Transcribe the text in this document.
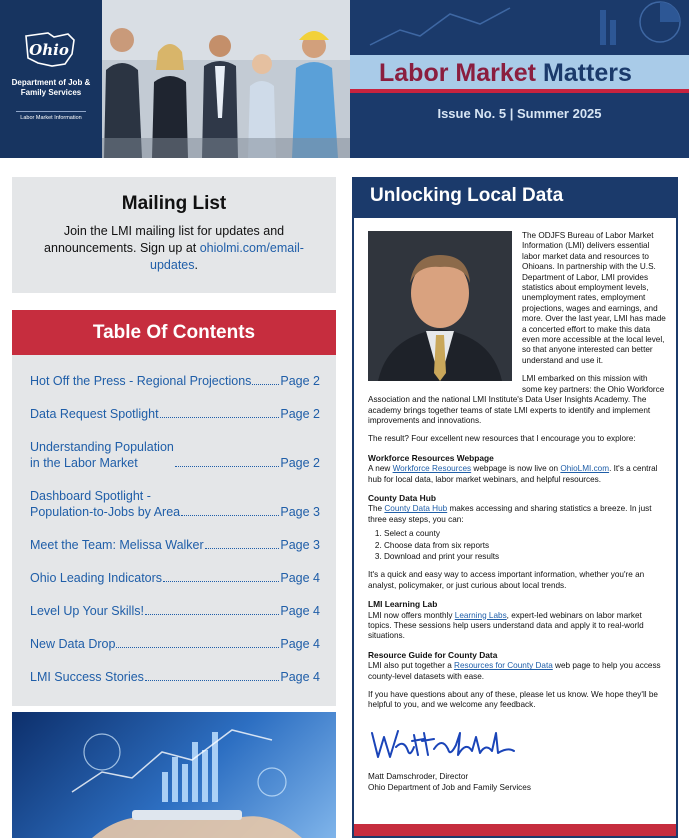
Ohio
Department of Job & Family Services
Labor Market Information
Labor Market Matters
Issue No. 5 | Summer 2025
Mailing List

Join the LMI mailing list for updates and announcements. Sign up at ohiolmi.com/email-updates.

Table Of Contents
Hot Off the Press - Regional Projections Page 2
Data Request Spotlight	Page 2
Understanding Population
in the Labor Market	Page 2
Dashboard Spotlight -
Population-to-Jobs by Area	Page 3
Meet the Team: Melissa Walker	Page 3
Ohio Leading Indicators	Page 4
Level Up Your Skills!	Page 4
New Data Drop	Page 4
LMI Success Stories	Page 4
Unlocking Local Data

The ODJFS Bureau of Labor Market Information (LMI) delivers essential labor market data and resources to Ohioans. In partnership with the U.S. Department of Labor, LMI provides statistics about employment levels, unemployment rates, employment projections, wages and earnings, and more. Over the last year, LMI has made a concerted effort to make this data even more accessible at the local level, so that anyone interested can better understand and use it.

LMI embarked on this mission with some key partners: the Ohio Workforce Association and the national LMI Institute's Data User Insights Academy. The academy brings together teams of state LMI experts to identify and implement improvements and innovations.

The result? Four excellent new resources that I encourage you to explore:

Workforce Resources Webpage

A new Workforce Resources webpage is now live on OhioLMI.com. It's a central hub for local data, labor market webinars, and helpful resources.

County Data Hub

The County Data Hub makes accessing and sharing statistics a breeze. In just three easy steps, you can:

1. Select a county
2. Choose data from six reports
3. Download and print your results

It's a quick and easy way to access important information, whether you're an analyst, policymaker, or just curious about local trends.

LMI Learning Lab

LMI now offers monthly Learning Labs, expert-led webinars on labor market topics. These sessions help users understand data and apply it to real-world situations.

Resource Guide for County Data

LMI also put together a Resources for County Data web page to help you access county-level datasets with ease.

If you have questions about any of these, please let us know. We hope they'll be helpful to you, and we welcome any feedback.

Matt Damschroder, Director
Ohio Department of Job and Family Services
